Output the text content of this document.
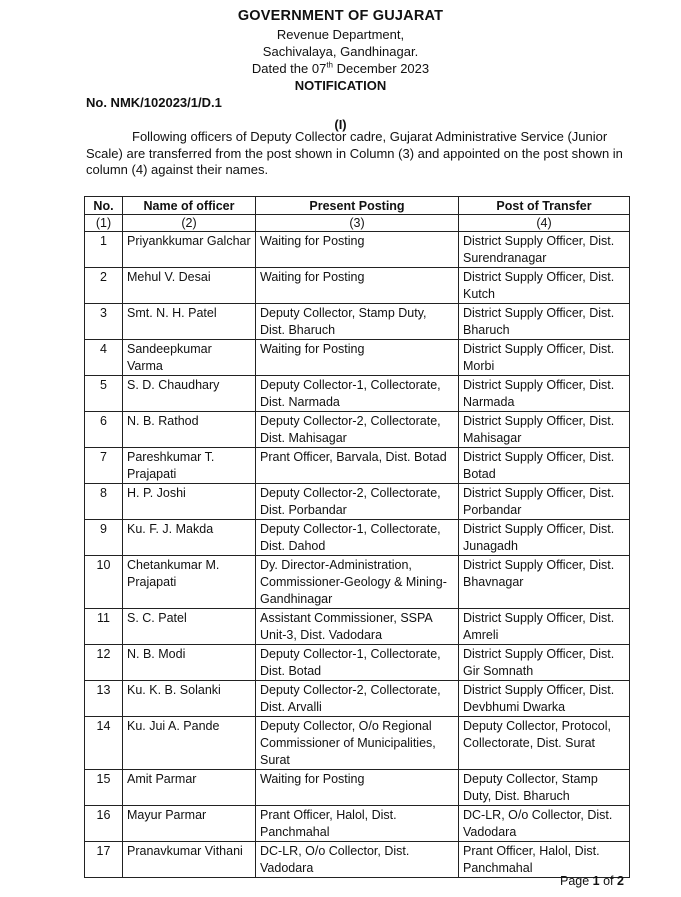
GOVERNMENT OF GUJARAT
Revenue Department,
Sachivalaya, Gandhinagar.
Dated the 07th December 2023
NOTIFICATION
No. NMK/102023/1/D.1
(I)
Following officers of Deputy Collector cadre, Gujarat Administrative Service (Junior Scale) are transferred from the post shown in Column (3) and appointed on the post shown in column (4) against their names.
No.	Name of officer	Present Posting	Post of Transfer
(1)	(2)	(3)	(4)
1	Priyankkumar Galchar	Waiting for Posting	District Supply Officer, Dist. Surendranagar
2	Mehul V. Desai	Waiting for Posting	District Supply Officer, Dist. Kutch
3	Smt. N. H. Patel	Deputy Collector, Stamp Duty, Dist. Bharuch	District Supply Officer, Dist. Bharuch
4	Sandeepkumar Varma	Waiting for Posting	District Supply Officer, Dist. Morbi
5	S. D. Chaudhary	Deputy Collector-1, Collectorate, Dist. Narmada	District Supply Officer, Dist. Narmada
6	N. B. Rathod	Deputy Collector-2, Collectorate, Dist. Mahisagar	District Supply Officer, Dist. Mahisagar
7	Pareshkumar T. Prajapati	Prant Officer, Barvala, Dist. Botad	District Supply Officer, Dist. Botad
8	H. P. Joshi	Deputy Collector-2, Collectorate, Dist. Porbandar	District Supply Officer, Dist. Porbandar
9	Ku. F. J. Makda	Deputy Collector-1, Collectorate, Dist. Dahod	District Supply Officer, Dist. Junagadh
10	Chetankumar M. Prajapati	Dy. Director-Administration, Commissioner-Geology & Mining-Gandhinagar	District Supply Officer, Dist. Bhavnagar
11	S. C. Patel	Assistant Commissioner, SSPA Unit-3, Dist. Vadodara	District Supply Officer, Dist. Amreli
12	N. B. Modi	Deputy Collector-1, Collectorate, Dist. Botad	District Supply Officer, Dist. Gir Somnath
13	Ku. K. B. Solanki	Deputy Collector-2, Collectorate, Dist. Arvalli	District Supply Officer, Dist. Devbhumi Dwarka
14	Ku. Jui A. Pande	Deputy Collector, O/o Regional Commissioner of Municipalities, Surat	Deputy Collector, Protocol, Collectorate, Dist. Surat
15	Amit Parmar	Waiting for Posting	Deputy Collector, Stamp Duty, Dist. Bharuch
16	Mayur Parmar	Prant Officer, Halol, Dist. Panchmahal	DC-LR, O/o Collector, Dist. Vadodara
17	Pranavkumar Vithani	DC-LR, O/o Collector, Dist. Vadodara	Prant Officer, Halol, Dist. Panchmahal
Page 1 of 2
